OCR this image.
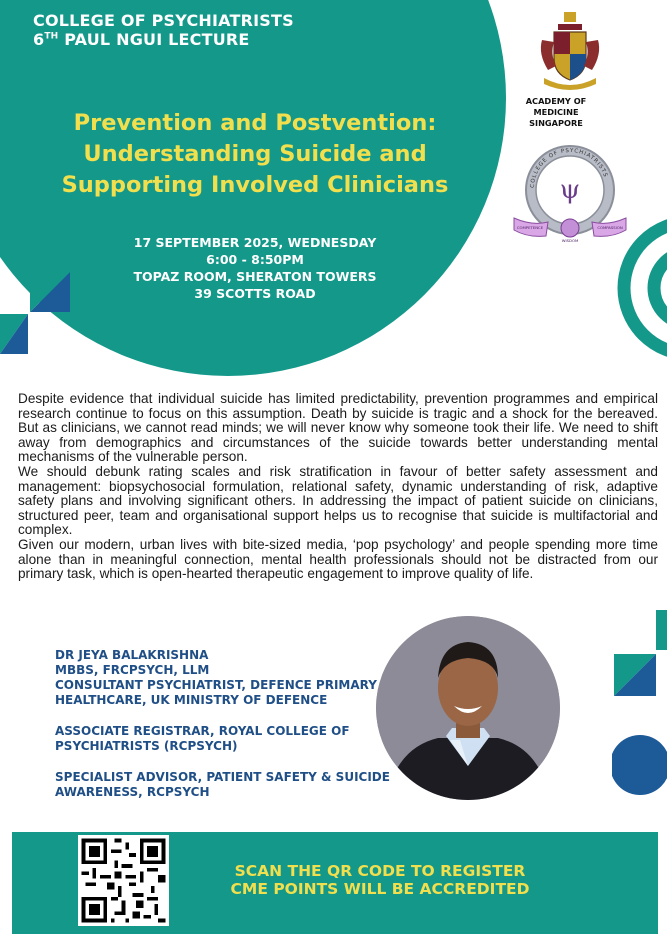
COLLEGE OF PSYCHIATRISTS
6TH PAUL NGUI LECTURE
Prevention and Postvention:
Understanding Suicide and
Supporting Involved Clinicians
17 SEPTEMBER 2025, WEDNESDAY
6:00 - 8:50PM
TOPAZ ROOM, SHERATON TOWERS
39 SCOTTS ROAD
ACADEMY OF MEDICINE
SINGAPORE
COLLEGE OF PSYCHIATRISTS
ψ
COMPETENCE
WISDOM
COMPASSION

Despite evidence that individual suicide has limited predictability, prevention programmes and empirical research continue to focus on this assumption. Death by suicide is tragic and a shock for the bereaved. But as clinicians, we cannot read minds; we will never know why someone took their life. We need to shift away from demographics and circumstances of the suicide towards better understanding mental mechanisms of the vulnerable person.

We should debunk rating scales and risk stratification in favour of better safety assessment and management: biopsychosocial formulation, relational safety, dynamic understanding of risk, adaptive safety plans and involving significant others. In addressing the impact of patient suicide on clinicians, structured peer, team and organisational support helps us to recognise that suicide is multifactorial and complex.

Given our modern, urban lives with bite-sized media, ‘pop psychology’ and people spending more time alone than in meaningful connection, mental health professionals should not be distracted from our primary task, which is open-hearted therapeutic engagement to improve quality of life.

DR JEYA BALAKRISHNA
MBBS, FRCPSYCH, LLM
CONSULTANT PSYCHIATRIST, DEFENCE PRIMARY
HEALTHCARE, UK MINISTRY OF DEFENCE
ASSOCIATE REGISTRAR, ROYAL COLLEGE OF
PSYCHIATRISTS (RCPSYCH)
SPECIALIST ADVISOR, PATIENT SAFETY & SUICIDE
AWARENESS, RCPSYCH
SCAN THE QR CODE TO REGISTER
CME POINTS WILL BE ACCREDITED
